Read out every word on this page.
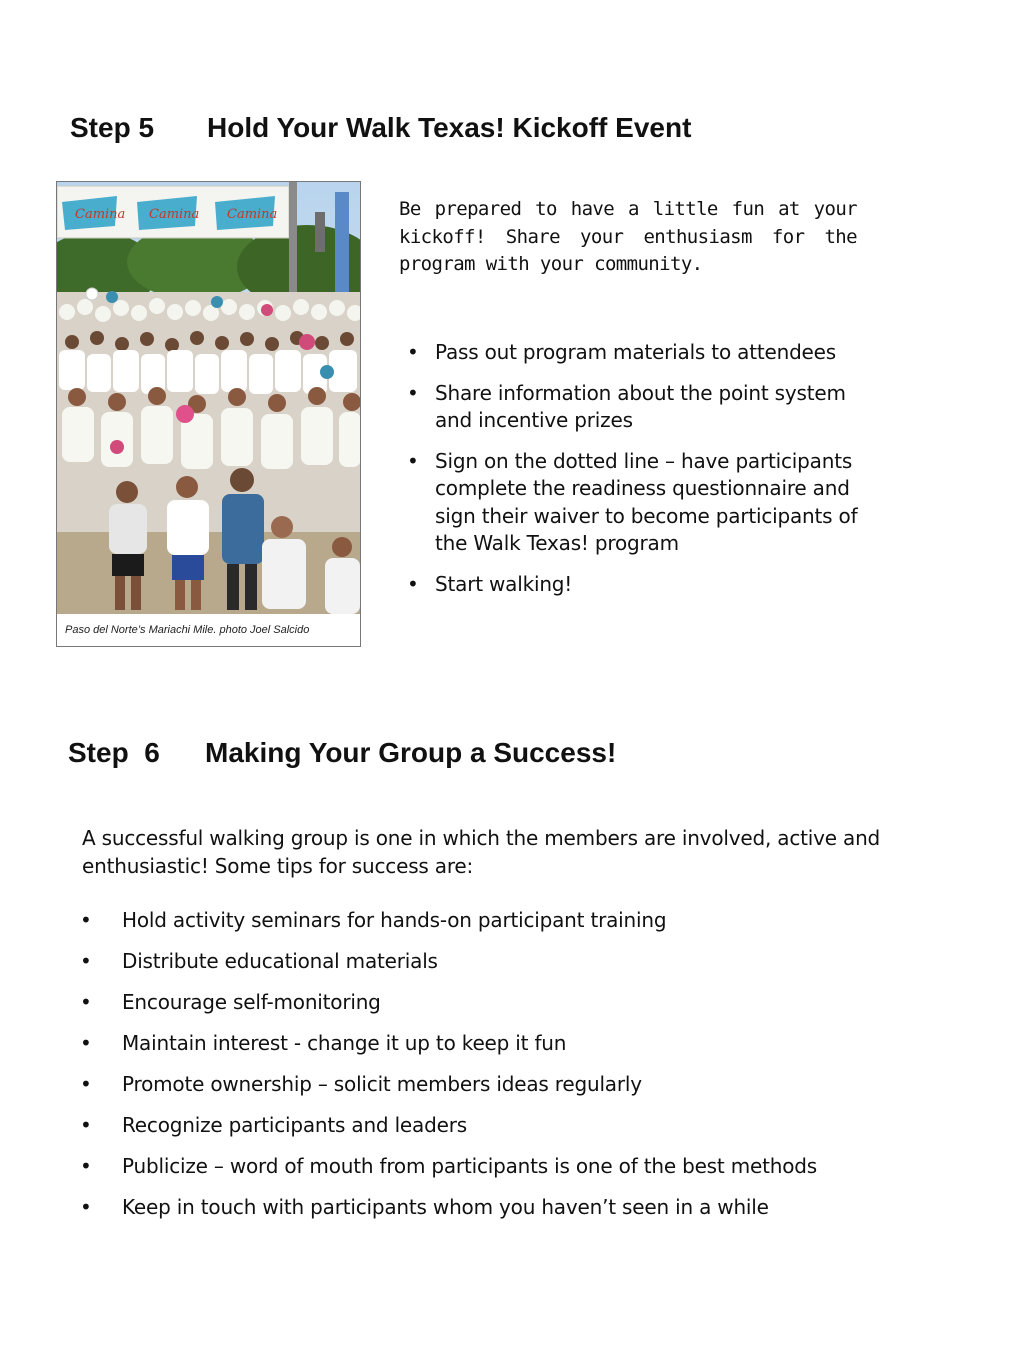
Step 5 Hold Your Walk Texas! Kickoff Event
Camina Camina Camina
Paso del Norte’s Mariachi Mile. photo Joel Salcido
Be prepared to have a little fun at your kickoff! Share your enthusiasm for the program with your community.
• Pass out program materials to attendees
• Share information about the point system and incentive prizes
• Sign on the dotted line – have participants complete the readiness questionnaire and sign their waiver to become participants of the Walk Texas! program
• Start walking!
Step  6 Making Your Group a Success!
A successful walking group is one in which the members are involved, active and enthusiastic! Some tips for success are:
• Hold activity seminars for hands-on participant training
• Distribute educational materials
• Encourage self-monitoring
• Maintain interest - change it up to keep it fun
• Promote ownership – solicit members ideas regularly
• Recognize participants and leaders
• Publicize – word of mouth from participants is one of the best methods
• Keep in touch with participants whom you haven’t seen in a while
